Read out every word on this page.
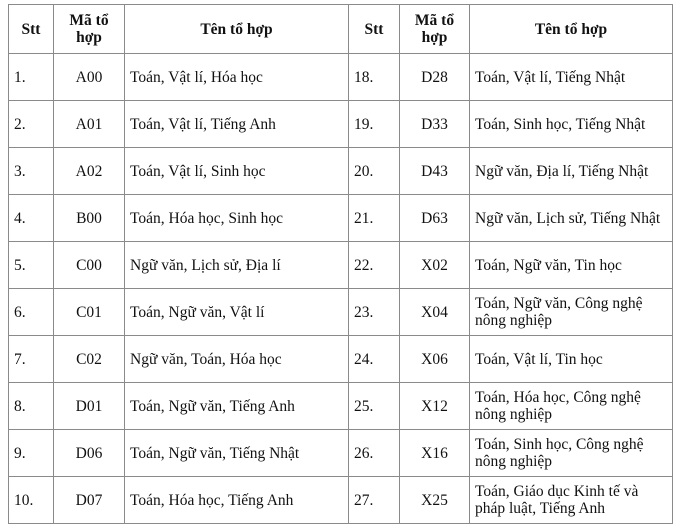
Stt	Mã tổ hợp	Tên tổ hợp	Stt	Mã tổ hợp	Tên tổ hợp
1.	A00	Toán, Vật lí, Hóa học	18.	D28	Toán, Vật lí, Tiếng Nhật
2.	A01	Toán, Vật lí, Tiếng Anh	19.	D33	Toán, Sinh học, Tiếng Nhật
3.	A02	Toán, Vật lí, Sinh học	20.	D43	Ngữ văn, Địa lí, Tiếng Nhật
4.	B00	Toán, Hóa học, Sinh học	21.	D63	Ngữ văn, Lịch sử, Tiếng Nhật
5.	C00	Ngữ văn, Lịch sử, Địa lí	22.	X02	Toán, Ngữ văn, Tin học
6.	C01	Toán, Ngữ văn, Vật lí	23.	X04	Toán, Ngữ văn, Công nghệ nông nghiệp
7.	C02	Ngữ văn, Toán, Hóa học	24.	X06	Toán, Vật lí, Tin học
8.	D01	Toán, Ngữ văn, Tiếng Anh	25.	X12	Toán, Hóa học, Công nghệ nông nghiệp
9.	D06	Toán, Ngữ văn, Tiếng Nhật	26.	X16	Toán, Sinh học, Công nghệ nông nghiệp
10.	D07	Toán, Hóa học, Tiếng Anh	27.	X25	Toán, Giáo dục Kinh tế và pháp luật, Tiếng Anh
